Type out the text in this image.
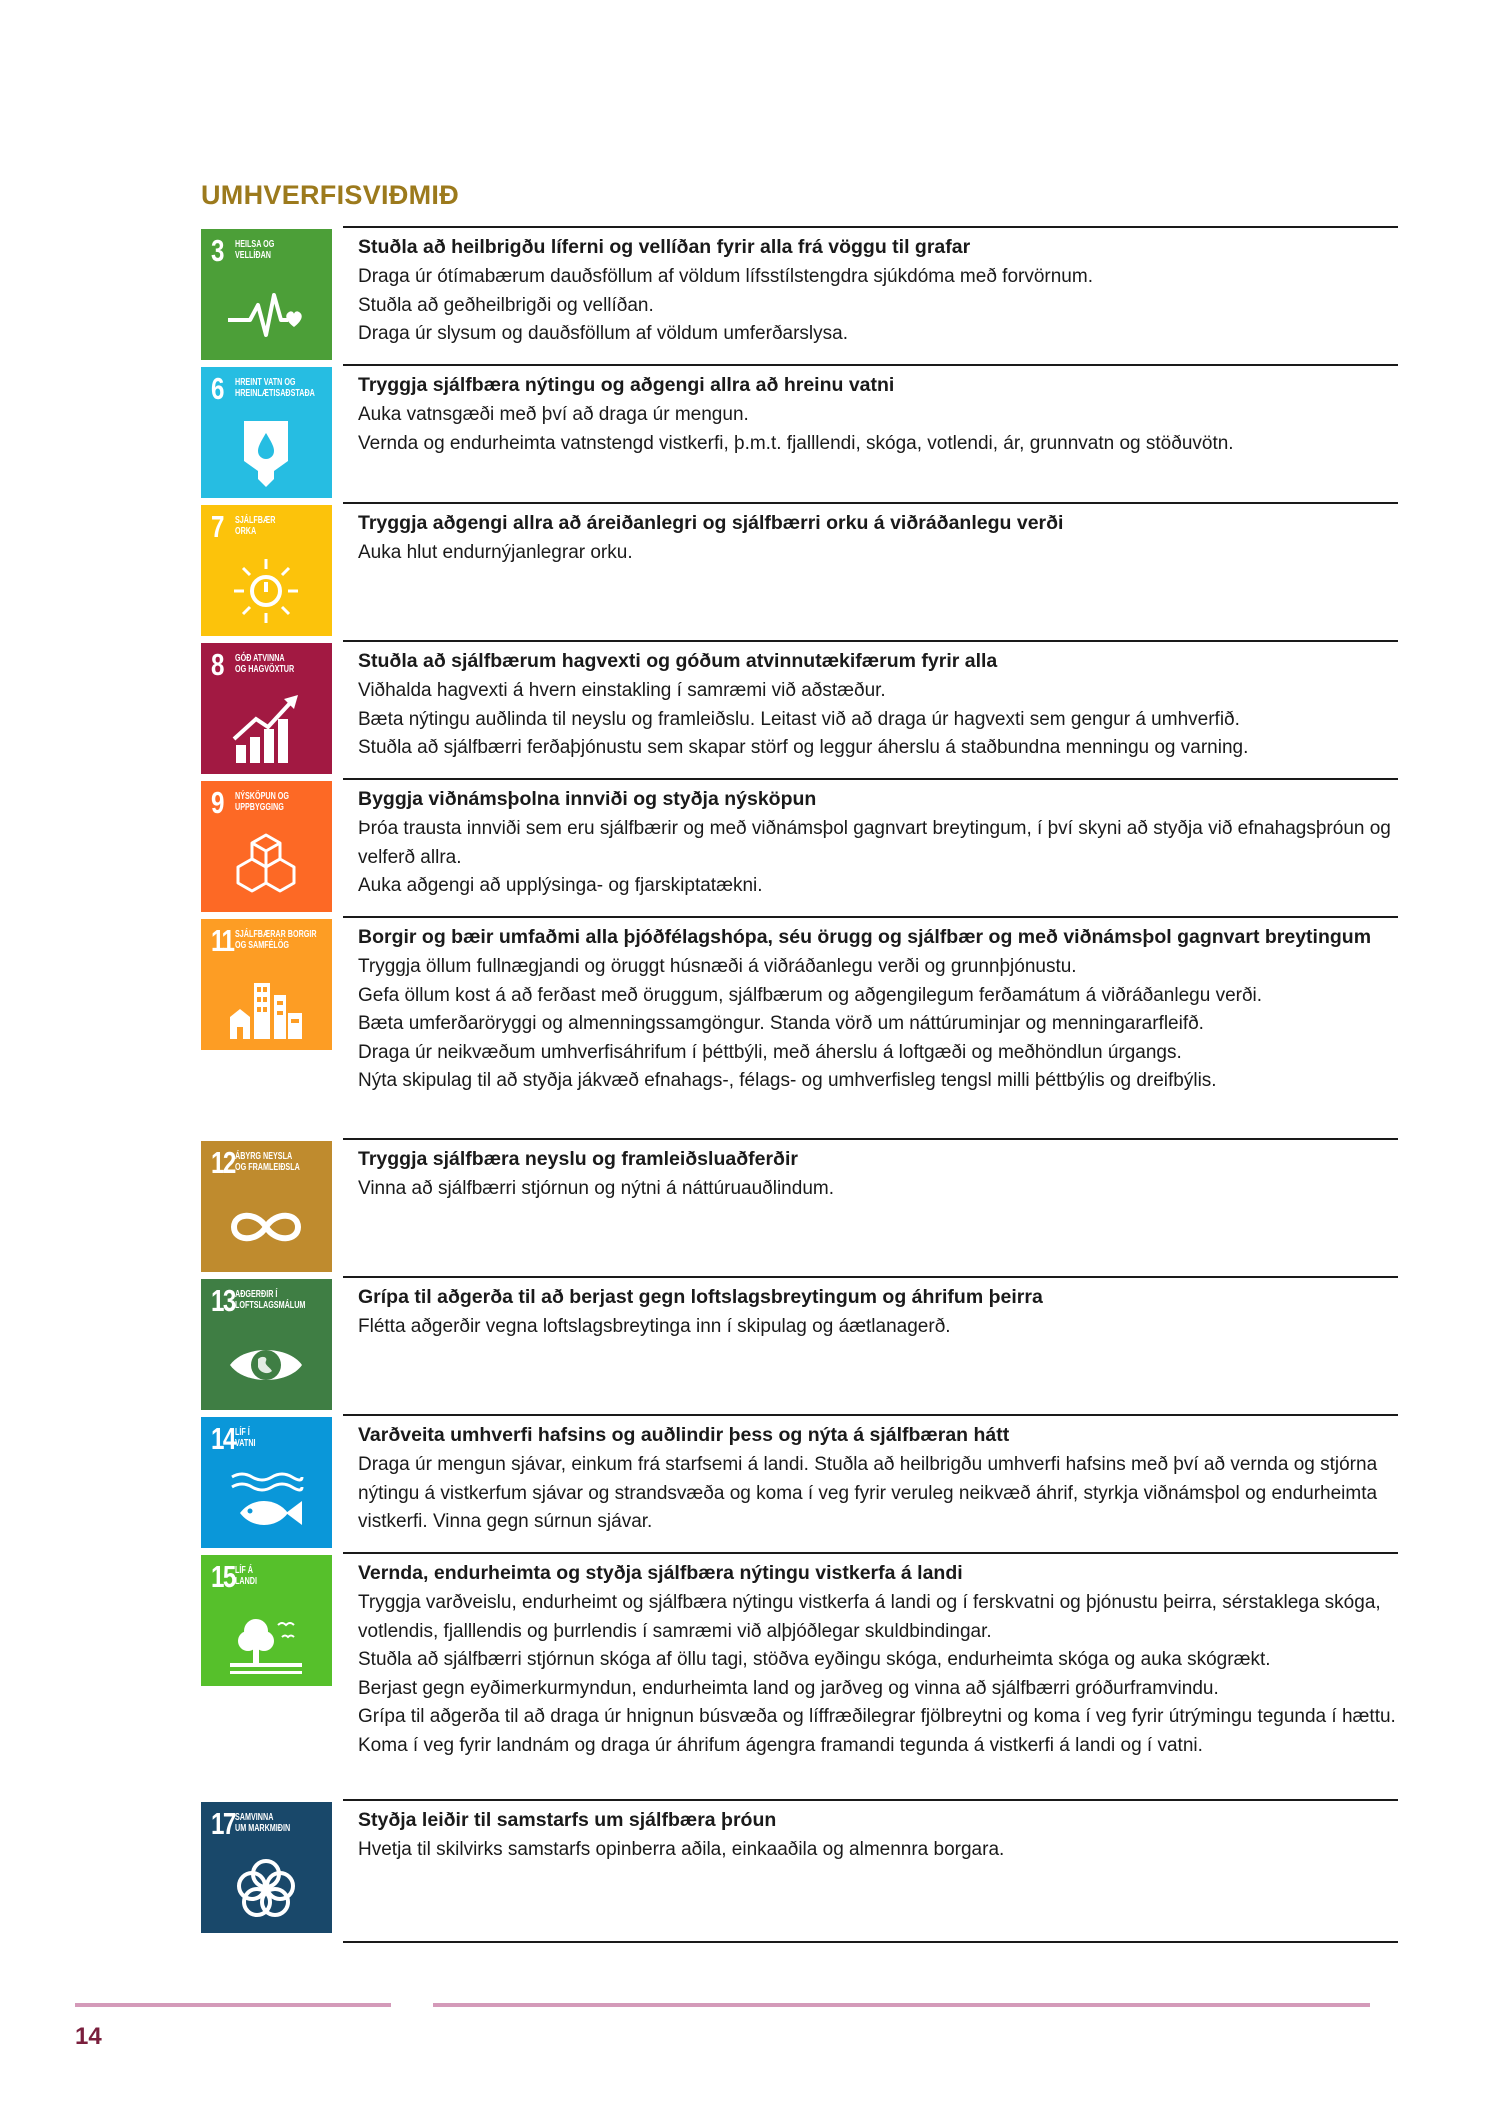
UMHVERFISVIÐMIÐ
3 HEILSA OG
VELLÍÐAN	Stuðla að heilbrigðu líferni og vellíðan fyrir alla frá vöggu til grafar

Draga úr ótímabærum dauðsföllum af völdum lífsstílstengdra sjúkdóma með forvörnum.

Stuðla að geðheilbrigði og vellíðan.

Draga úr slysum og dauðsföllum af völdum umferðarslysa.

6 HREINT VATN OG
HREINLÆTISAÐSTAÐA	Tryggja sjálfbæra nýtingu og aðgengi allra að hreinu vatni

Auka vatnsgæði með því að draga úr mengun.

Vernda og endurheimta vatnstengd vistkerfi, þ.m.t. fjalllendi, skóga, votlendi, ár, grunnvatn og stöðuvötn.

7 SJÁLFBÆR
ORKA	Tryggja aðgengi allra að áreiðanlegri og sjálfbærri orku á viðráðanlegu verði

Auka hlut endurnýjanlegrar orku.

8 GÓÐ ATVINNA
OG HAGVÖXTUR	Stuðla að sjálfbærum hagvexti og góðum atvinnutækifærum fyrir alla

Viðhalda hagvexti á hvern einstakling í samræmi við aðstæður.

Bæta nýtingu auðlinda til neyslu og framleiðslu. Leitast við að draga úr hagvexti sem gengur á umhverfið.

Stuðla að sjálfbærri ferðaþjónustu sem skapar störf og leggur áherslu á staðbundna menningu og varning.

9 NÝSKÖPUN OG
UPPBYGGING	Byggja viðnámsþolna innviði og styðja nýsköpun

Þróa trausta innviði sem eru sjálfbærir og með viðnámsþol gagnvart breytingum, í því skyni að styðja við efnahagsþróun og velferð allra.

Auka aðgengi að upplýsinga- og fjarskiptatækni.

11 SJÁLFBÆRAR BORGIR
OG SAMFÉLÖG	Borgir og bæir umfaðmi alla þjóðfélagshópa, séu örugg og sjálfbær og með viðnámsþol gagnvart breytingum

Tryggja öllum fullnægjandi og öruggt húsnæði á viðráðanlegu verði og grunnþjónustu.

Gefa öllum kost á að ferðast með öruggum, sjálfbærum og aðgengilegum ferðamátum á viðráðanlegu verði.

Bæta umferðaröryggi og almenningssamgöngur. Standa vörð um náttúruminjar og menningararfleifð.

Draga úr neikvæðum umhverfisáhrifum í þéttbýli, með áherslu á loftgæði og meðhöndlun úrgangs.

Nýta skipulag til að styðja jákvæð efnahags-, félags- og umhverfisleg tengsl milli þéttbýlis og dreifbýlis.

12 ÁBYRG NEYSLA
OG FRAMLEIÐSLA	Tryggja sjálfbæra neyslu og framleiðsluaðferðir

Vinna að sjálfbærri stjórnun og nýtni á náttúruauðlindum.

13 AÐGERÐIR Í
LOFTSLAGSMÁLUM	Grípa til aðgerða til að berjast gegn loftslagsbreytingum og áhrifum þeirra

Flétta aðgerðir vegna loftslagsbreytinga inn í skipulag og áætlanagerð.

14 LÍF Í
VATNI	Varðveita umhverfi hafsins og auðlindir þess og nýta á sjálfbæran hátt

Draga úr mengun sjávar, einkum frá starfsemi á landi. Stuðla að heilbrigðu umhverfi hafsins með því að vernda og stjórna nýtingu á vistkerfum sjávar og strandsvæða og koma í veg fyrir veruleg neikvæð áhrif, styrkja viðnámsþol og endurheimta vistkerfi. Vinna gegn súrnun sjávar.

15 LÍF Á
LANDI	Vernda, endurheimta og styðja sjálfbæra nýtingu vistkerfa á landi

Tryggja varðveislu, endurheimt og sjálfbæra nýtingu vistkerfa á landi og í ferskvatni og þjónustu þeirra, sérstaklega skóga, votlendis, fjalllendis og þurrlendis í samræmi við alþjóðlegar skuldbindingar.

Stuðla að sjálfbærri stjórnun skóga af öllu tagi, stöðva eyðingu skóga, endurheimta skóga og auka skógrækt.

Berjast gegn eyðimerkurmyndun, endurheimta land og jarðveg og vinna að sjálfbærri gróðurframvindu.

Grípa til aðgerða til að draga úr hnignun búsvæða og líffræðilegrar fjölbreytni og koma í veg fyrir útrýmingu tegunda í hættu.

Koma í veg fyrir landnám og draga úr áhrifum ágengra framandi tegunda á vistkerfi á landi og í vatni.

17 SAMVINNA
UM MARKMIÐIN	Styðja leiðir til samstarfs um sjálfbæra þróun

Hvetja til skilvirks samstarfs opinberra aðila, einkaaðila og almennra borgara.

14
